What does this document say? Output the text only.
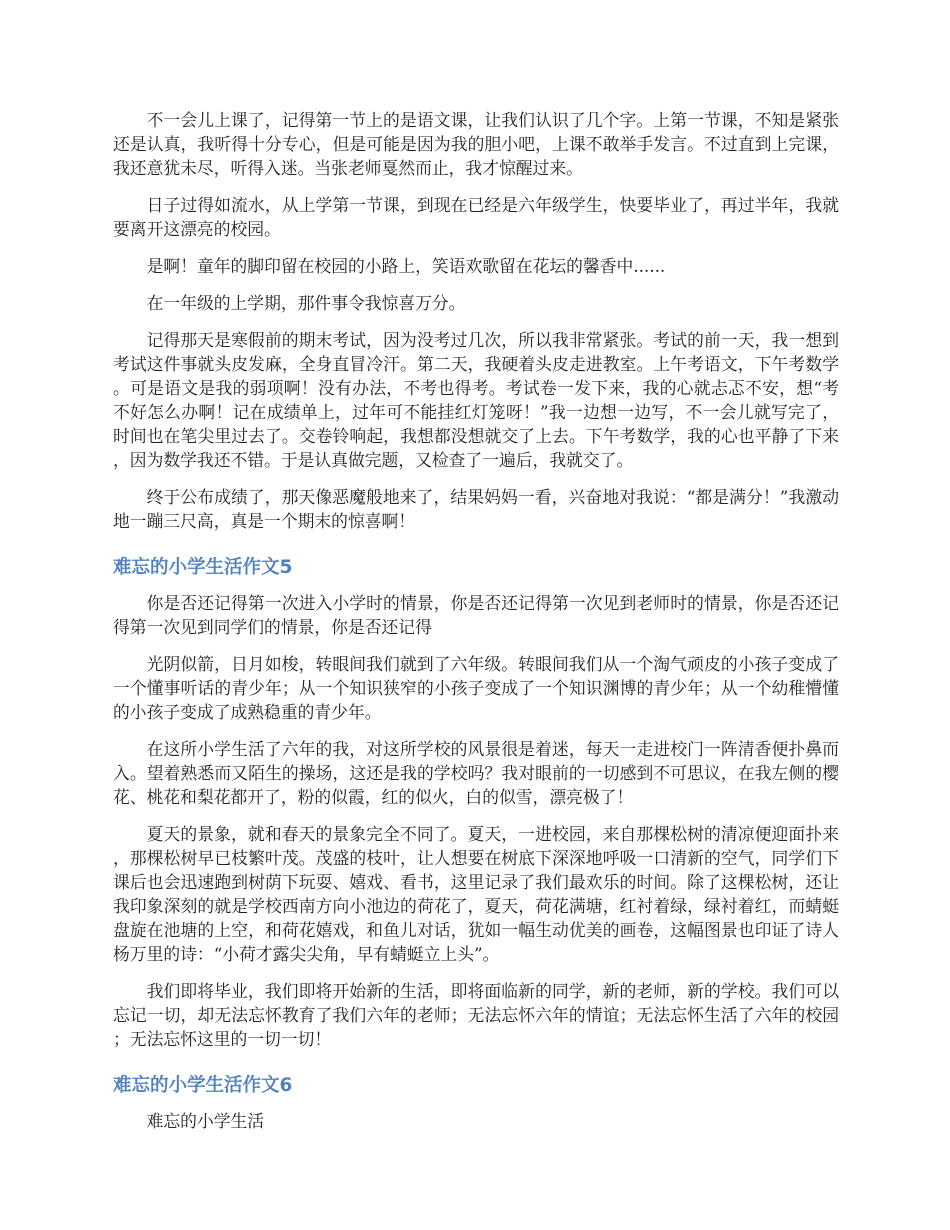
不一会儿上课了，记得第一节上的是语文课，让我们认识了几个字。上第一节课，不知是紧张还是认真，我听得十分专心，但是可能是因为我的胆小吧，上课不敢举手发言。不过直到上完课，我还意犹未尽，听得入迷。当张老师戛然而止，我才惊醒过来。

日子过得如流水，从上学第一节课，到现在已经是六年级学生，快要毕业了，再过半年，我就要离开这漂亮的校园。

是啊！童年的脚印留在校园的小路上，笑语欢歌留在花坛的馨香中......

在一年级的上学期，那件事令我惊喜万分。

记得那天是寒假前的期末考试，因为没考过几次，所以我非常紧张。考试的前一天，我一想到考试这件事就头皮发麻，全身直冒冷汗。第二天，我硬着头皮走进教室。上午考语文，下午考数学。可是语文是我的弱项啊！没有办法，不考也得考。考试卷一发下来，我的心就忐忑不安，想“考不好怎么办啊！记在成绩单上，过年可不能挂红灯笼呀！”我一边想一边写，不一会儿就写完了，时间也在笔尖里过去了。交卷铃响起，我想都没想就交了上去。下午考数学，我的心也平静了下来，因为数学我还不错。于是认真做完题，又检查了一遍后，我就交了。

终于公布成绩了，那天像恶魔般地来了，结果妈妈一看，兴奋地对我说：“都是满分！”我激动地一蹦三尺高，真是一个期末的惊喜啊！

难忘的小学生活作文5

你是否还记得第一次进入小学时的情景，你是否还记得第一次见到老师时的情景，你是否还记得第一次见到同学们的情景，你是否还记得

光阴似箭，日月如梭，转眼间我们就到了六年级。转眼间我们从一个淘气顽皮的小孩子变成了一个懂事听话的青少年；从一个知识狭窄的小孩子变成了一个知识渊博的青少年；从一个幼稚懵懂的小孩子变成了成熟稳重的青少年。

在这所小学生活了六年的我，对这所学校的风景很是着迷，每天一走进校门一阵清香便扑鼻而入。望着熟悉而又陌生的操场，这还是我的学校吗？我对眼前的一切感到不可思议，在我左侧的樱花、桃花和梨花都开了，粉的似霞，红的似火，白的似雪，漂亮极了！

夏天的景象，就和春天的景象完全不同了。夏天，一进校园，来自那棵松树的清凉便迎面扑来，那棵松树早已枝繁叶茂。茂盛的枝叶，让人想要在树底下深深地呼吸一口清新的空气，同学们下课后也会迅速跑到树荫下玩耍、嬉戏、看书，这里记录了我们最欢乐的时间。除了这棵松树，还让我印象深刻的就是学校西南方向小池边的荷花了，夏天，荷花满塘，红衬着绿，绿衬着红，而蜻蜓盘旋在池塘的上空，和荷花嬉戏，和鱼儿对话，犹如一幅生动优美的画卷，这幅图景也印证了诗人杨万里的诗：“小荷才露尖尖角，早有蜻蜓立上头”。

我们即将毕业，我们即将开始新的生活，即将面临新的同学，新的老师，新的学校。我们可以忘记一切，却无法忘怀教育了我们六年的老师；无法忘怀六年的情谊；无法忘怀生活了六年的校园；无法忘怀这里的一切一切！

难忘的小学生活作文6

难忘的小学生活
